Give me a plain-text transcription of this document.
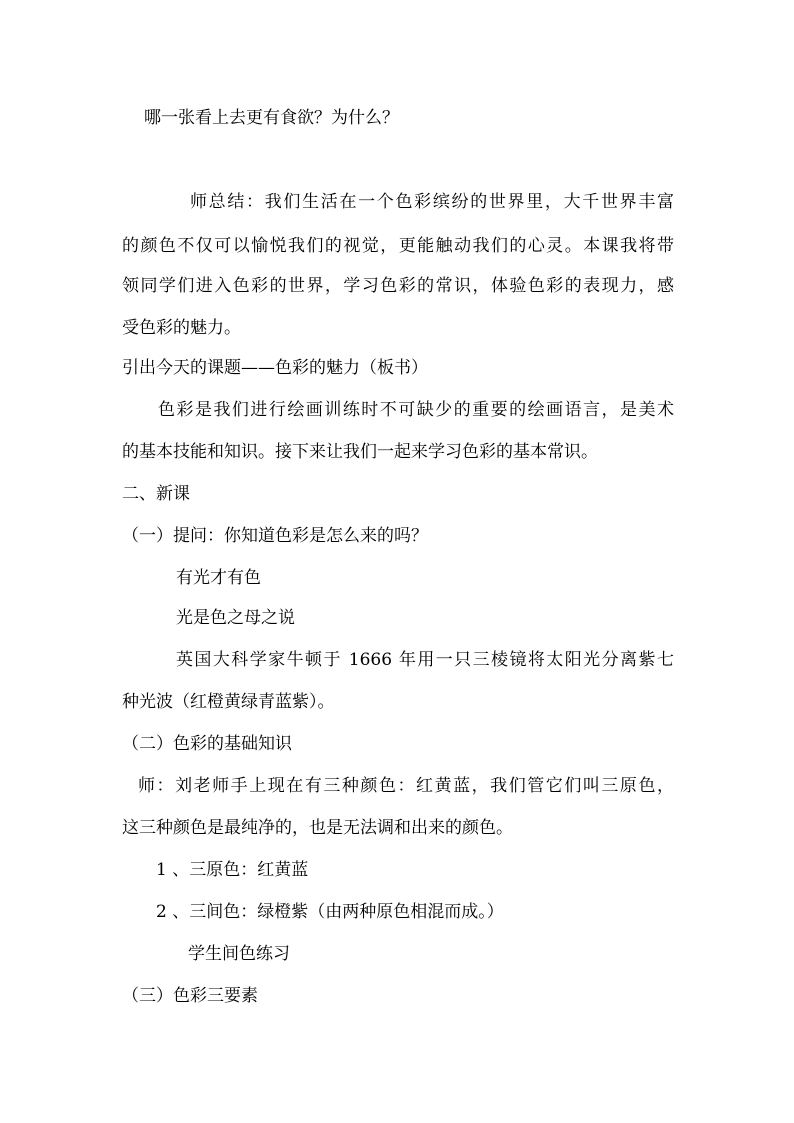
哪一张看上去更有食欲？为什么？
师总结：我们生活在一个色彩缤纷的世界里，大千世界丰富
的颜色不仅可以愉悦我们的视觉，更能触动我们的心灵。本课我将带
领同学们进入色彩的世界，学习色彩的常识，体验色彩的表现力，感
受色彩的魅力。
引出今天的课题——色彩的魅力（板书）
色彩是我们进行绘画训练时不可缺少的重要的绘画语言，是美术
的基本技能和知识。接下来让我们一起来学习色彩的基本常识。
二、新课
（一）提问：你知道色彩是怎么来的吗？
有光才有色
光是色之母之说
英国大科学家牛顿于 1666 年用一只三棱镜将太阳光分离紫七
种光波（红橙黄绿青蓝紫）。
（二）色彩的基础知识
师：刘老师手上现在有三种颜色：红黄蓝，我们管它们叫三原色，
这三种颜色是最纯净的，也是无法调和出来的颜色。
1 、三原色：红黄蓝
2 、三间色：绿橙紫（由两种原色相混而成。）
学生间色练习
（三）色彩三要素
